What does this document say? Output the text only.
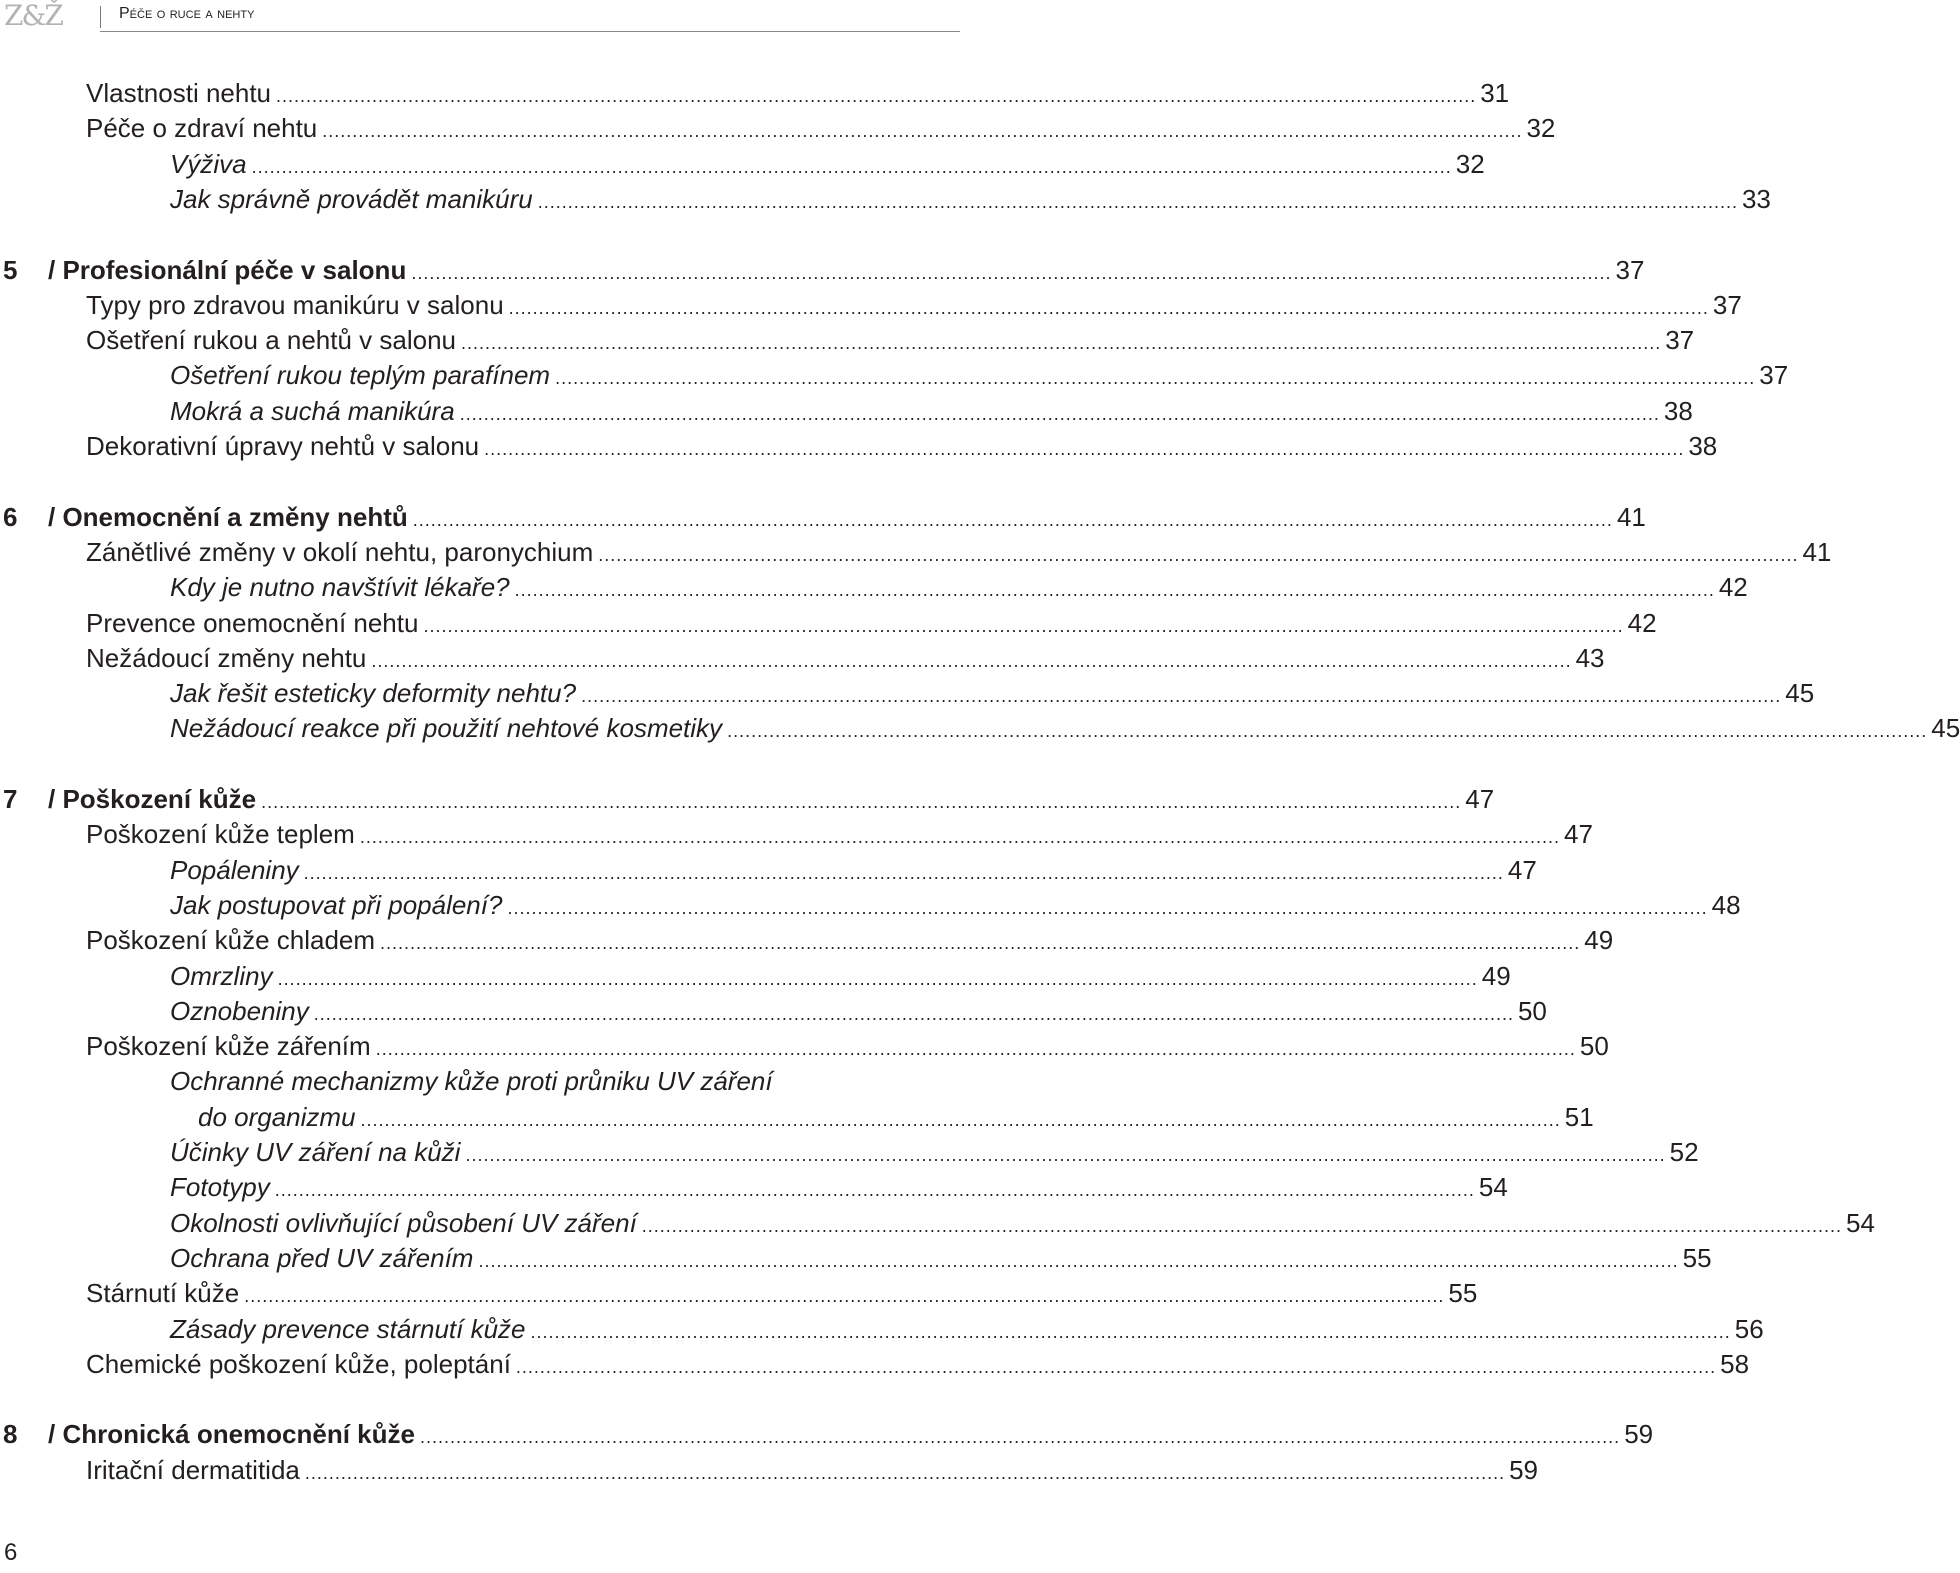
Z&Ž	Péče o ruce a nehty
Vlastnosti nehtu ........................................................................................................................................................................................................ 31
Péče o zdraví nehtu ........................................................................................................................................................................................................ 32
Výživa ........................................................................................................................................................................................................ 32
Jak správně provádět manikúru ........................................................................................................................................................................................................ 33
5 / Profesionální péče v salonu ........................................................................................................................................................................................................ 37
Typy pro zdravou manikúru v salonu ........................................................................................................................................................................................................ 37
Ošetření rukou a nehtů v salonu ........................................................................................................................................................................................................ 37
Ošetření rukou teplým parafínem ........................................................................................................................................................................................................ 37
Mokrá a suchá manikúra ........................................................................................................................................................................................................ 38
Dekorativní úpravy nehtů v salonu ........................................................................................................................................................................................................ 38
6 / Onemocnění a změny nehtů ........................................................................................................................................................................................................ 41
Zánětlivé změny v okolí nehtu, paronychium ........................................................................................................................................................................................................ 41
Kdy je nutno navštívit lékaře? ........................................................................................................................................................................................................ 42
Prevence onemocnění nehtu ........................................................................................................................................................................................................ 42
Nežádoucí změny nehtu ........................................................................................................................................................................................................ 43
Jak řešit esteticky deformity nehtu? ........................................................................................................................................................................................................ 45
Nežádoucí reakce při použití nehtové kosmetiky ........................................................................................................................................................................................................ 45
7 / Poškození kůže ........................................................................................................................................................................................................ 47
Poškození kůže teplem ........................................................................................................................................................................................................ 47
Popáleniny ........................................................................................................................................................................................................ 47
Jak postupovat při popálení? ........................................................................................................................................................................................................ 48
Poškození kůže chladem ........................................................................................................................................................................................................ 49
Omrzliny ........................................................................................................................................................................................................ 49
Oznobeniny ........................................................................................................................................................................................................ 50
Poškození kůže zářením ........................................................................................................................................................................................................ 50
Ochranné mechanizmy kůže proti průniku UV záření
do organizmu ........................................................................................................................................................................................................ 51
Účinky UV záření na kůži ........................................................................................................................................................................................................ 52
Fototypy ........................................................................................................................................................................................................ 54
Okolnosti ovlivňující působení UV záření ........................................................................................................................................................................................................ 54
Ochrana před UV zářením ........................................................................................................................................................................................................ 55
Stárnutí kůže ........................................................................................................................................................................................................ 55
Zásady prevence stárnutí kůže ........................................................................................................................................................................................................ 56
Chemické poškození kůže, poleptání ........................................................................................................................................................................................................ 58
8 / Chronická onemocnění kůže ........................................................................................................................................................................................................ 59
Iritační dermatitida ........................................................................................................................................................................................................ 59
6
